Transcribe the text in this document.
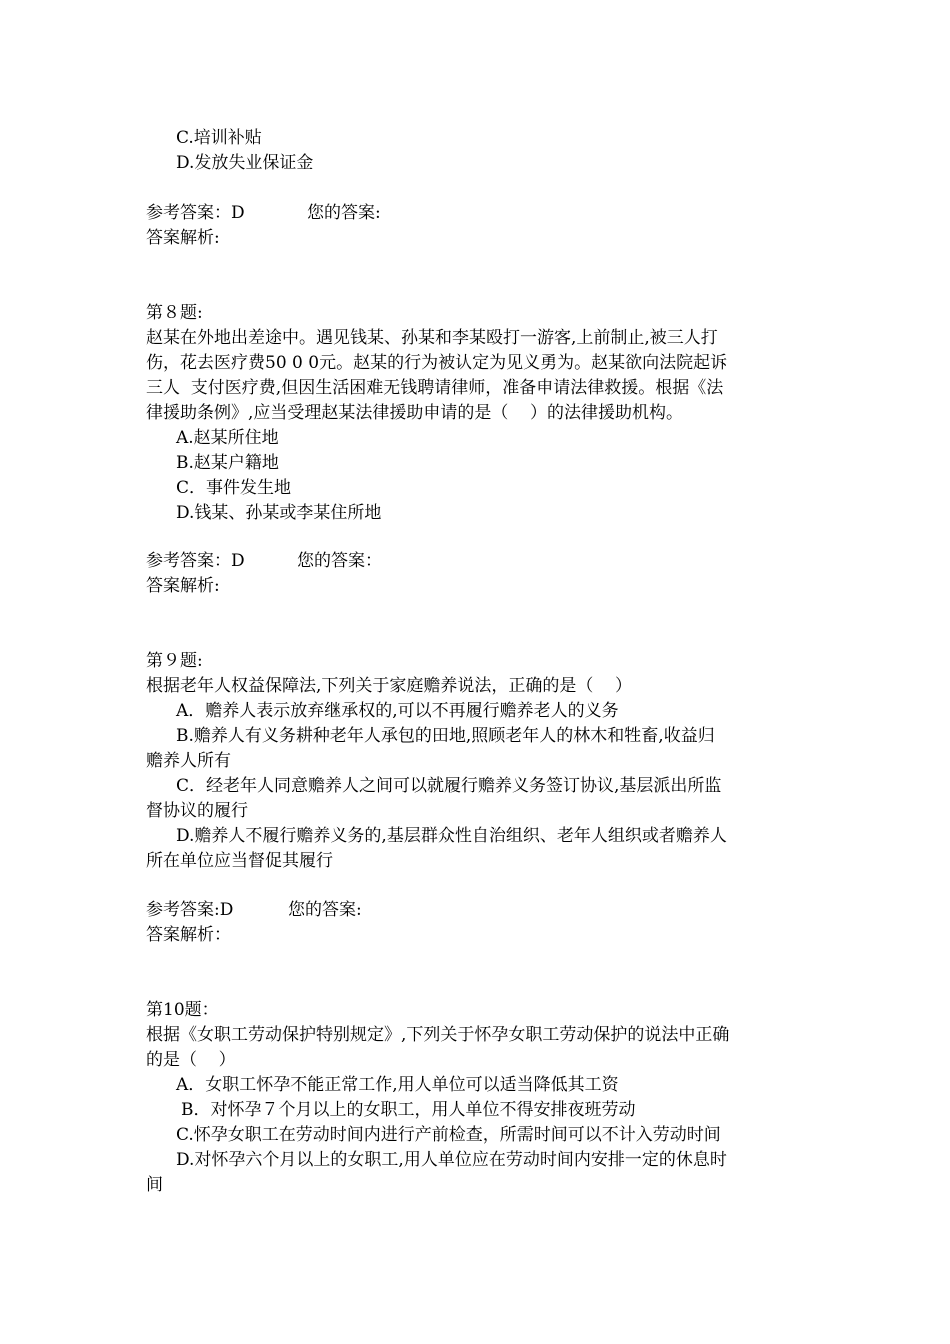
C.培训补贴
D.发放失业保证金
参考答案：D	您的答案:
答案解析:
第８题:
赵某在外地出差途中。遇见钱某、孙某和李某殴打一游客,上前制止,被三人打
伤，花去医疗费50 0 0元。赵某的行为被认定为见义勇为。赵某欲向法院起诉
三人  支付医疗费,但因生活困难无钱聘请律师，准备申请法律救援。根据《法
律援助条例》,应当受理赵某法律援助申请的是（    ）的法律援助机构。
A.赵某所住地
B.赵某户籍地
C．事件发生地
D.钱某、孙某或李某住所地
参考答案：D	您的答案：
答案解析:
第９题:
根据老年人权益保障法,下列关于家庭赡养说法，正确的是（    ）
A．赡养人表示放弃继承权的,可以不再履行赡养老人的义务
B.赡养人有义务耕种老年人承包的田地,照顾老年人的林木和牲畜,收益归
赡养人所有
C．经老年人同意赡养人之间可以就履行赡养义务签订协议,基层派出所监
督协议的履行
D.赡养人不履行赡养义务的,基层群众性自治组织、老年人组织或者赡养人
所在单位应当督促其履行
参考答案:D	您的答案:
答案解析：
第10题：
根据《女职工劳动保护特别规定》,下列关于怀孕女职工劳动保护的说法中正确
的是（    ）
A．女职工怀孕不能正常工作,用人单位可以适当降低其工资
B．对怀孕７个月以上的女职工，用人单位不得安排夜班劳动
C.怀孕女职工在劳动时间内进行产前检查，所需时间可以不计入劳动时间
D.对怀孕六个月以上的女职工,用人单位应在劳动时间内安排一定的休息时
间
